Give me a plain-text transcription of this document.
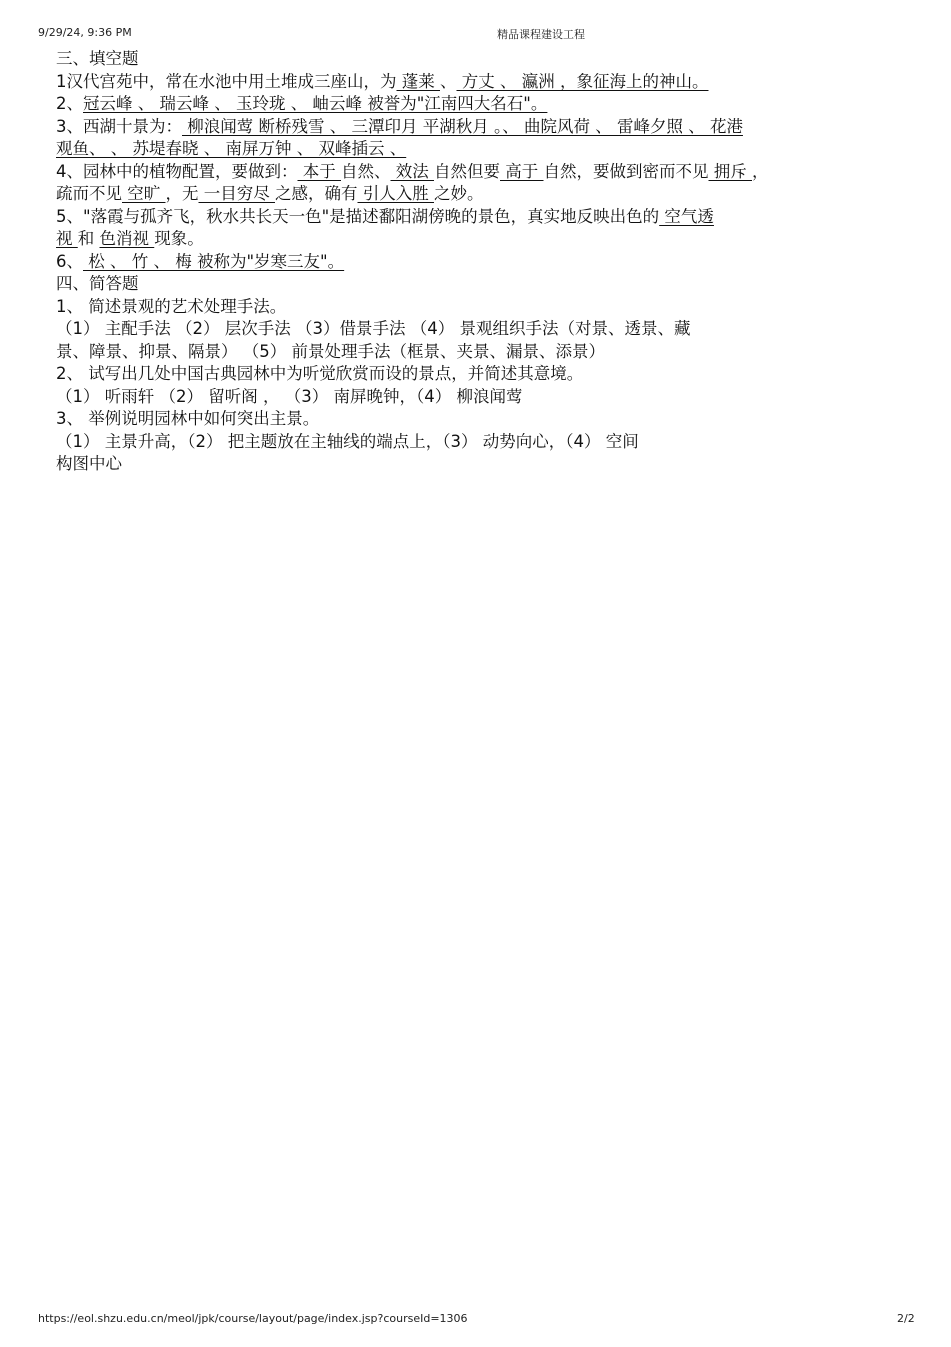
9/29/24, 9:36 PM	精品课程建设工程
三、填空题
1汉代宫苑中，常在水池中用土堆成三座山，为 蓬莱 、 方丈 、 瀛洲 ，象征海上的神山。
2、冠云峰 、 瑞云峰 、 玉玲珑 、 岫云峰 被誉为"江南四大名石"。
3、西湖十景为： 柳浪闻莺 断桥残雪 、 三潭印月 平湖秋月 。、 曲院风荷 、 雷峰夕照 、 花港
观鱼、 、 苏堤春晓 、 南屏万钟 、 双峰插云 、
4、园林中的植物配置，要做到： 本于 自然、 效法 自然但要 高于 自然，要做到密而不见 拥斥 ，
疏而不见 空旷 ，无 一目穷尽 之感，确有 引人入胜 之妙。
5、"落霞与孤齐飞，秋水共长天一色"是描述鄱阳湖傍晚的景色，真实地反映出色的 空气透
视 和 色消视 现象。
6、 松 、 竹 、 梅 被称为"岁寒三友"。
四、简答题
1、 简述景观的艺术处理手法。
（1） 主配手法 （2） 层次手法 （3）借景手法 （4） 景观组织手法（对景、透景、藏
景、障景、抑景、隔景） （5） 前景处理手法（框景、夹景、漏景、添景）
2、 试写出几处中国古典园林中为听觉欣赏而设的景点，并简述其意境。
（1） 听雨轩 （2） 留听阁 ， （3） 南屏晚钟，（4） 柳浪闻莺
3、 举例说明园林中如何突出主景。
（1） 主景升高，（2） 把主题放在主轴线的端点上，（3） 动势向心，（4） 空间
构图中心
https://eol.shzu.edu.cn/meol/jpk/course/layout/page/index.jsp?courseId=1306	2/2
